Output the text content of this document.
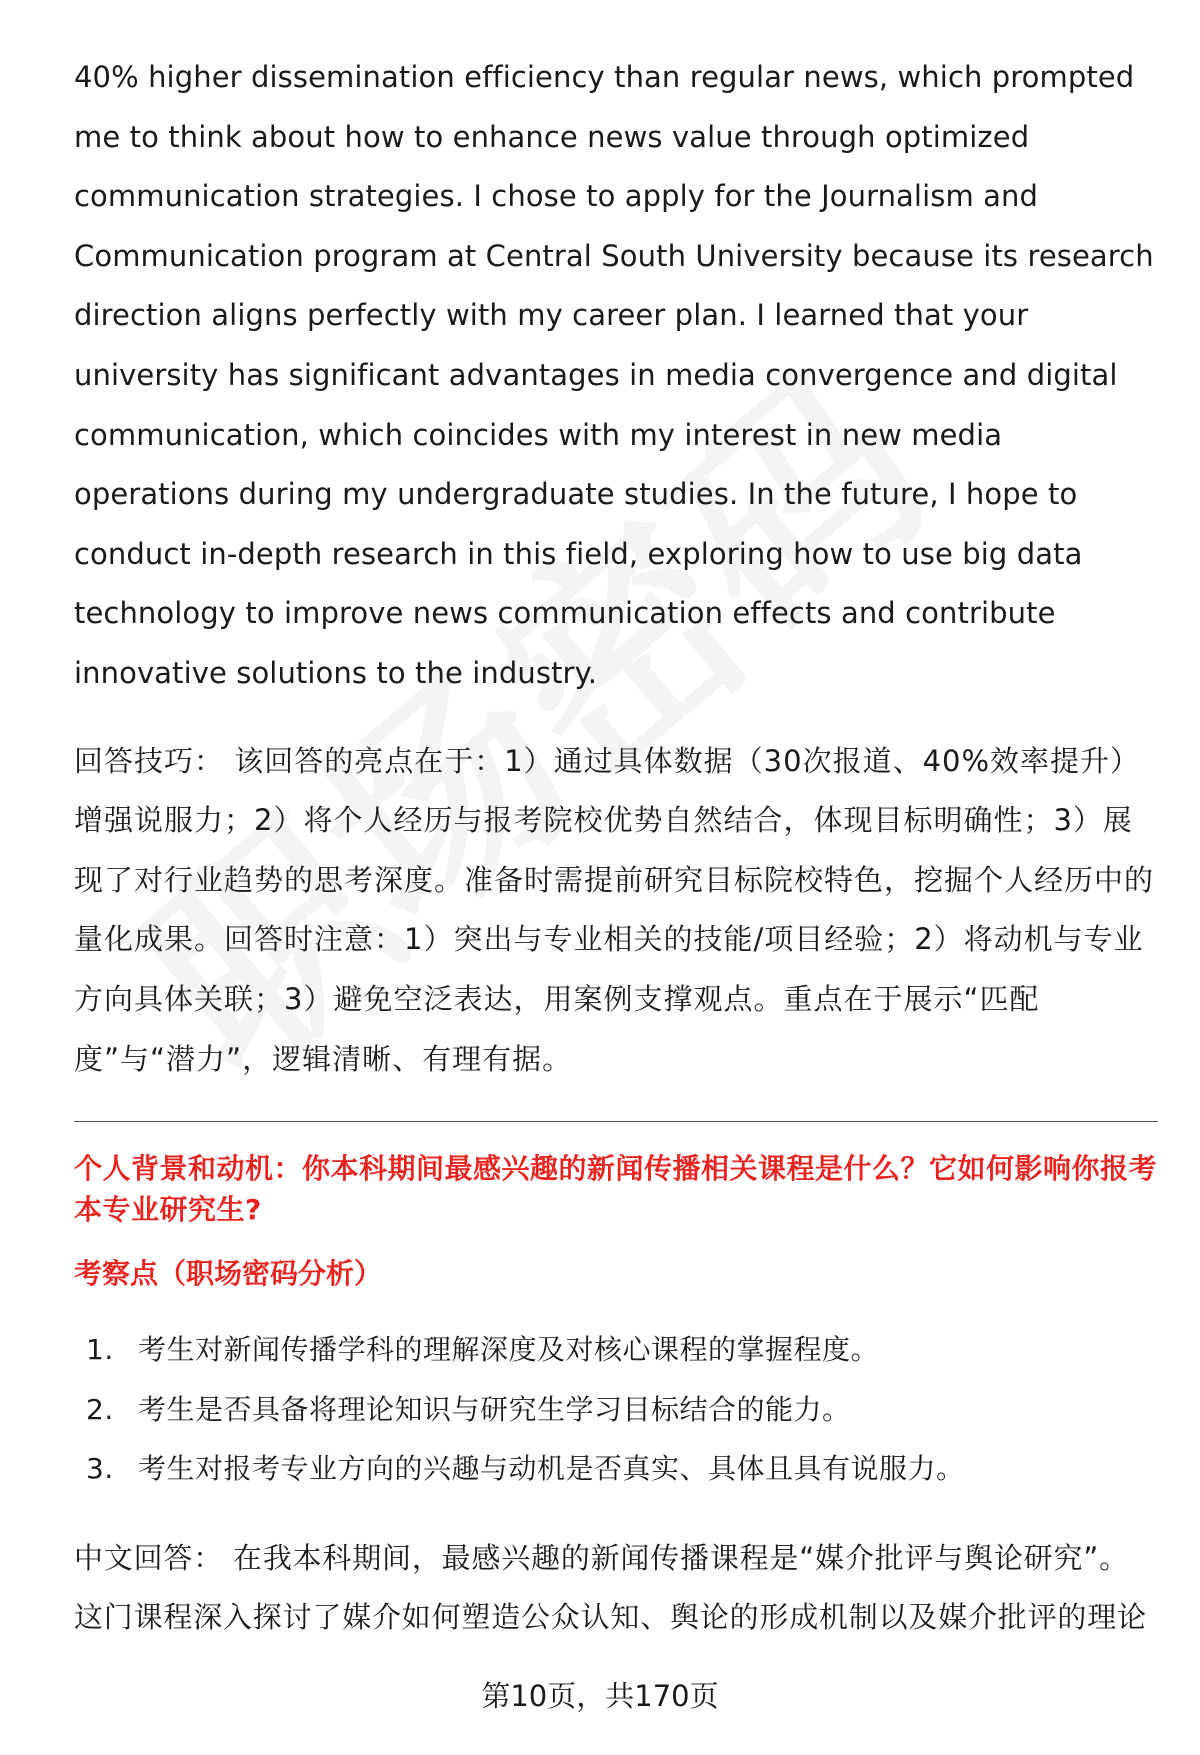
40% higher dissemination efficiency than regular news, which prompted me to think about how to enhance news value through optimized communication strategies. I chose to apply for the Journalism and Communication program at Central South University because its research direction aligns perfectly with my career plan. I learned that your university has significant advantages in media convergence and digital communication, which coincides with my interest in new media operations during my undergraduate studies. In the future, I hope to conduct in-depth research in this field, exploring how to use big data technology to improve news communication effects and contribute innovative solutions to the industry.

回答技巧： 该回答的亮点在于：1）通过具体数据（30次报道、40%效率提升）增强说服力；2）将个人经历与报考院校优势自然结合，体现目标明确性；3）展现了对行业趋势的思考深度。准备时需提前研究目标院校特色，挖掘个人经历中的量化成果。回答时注意：1）突出与专业相关的技能/项目经验；2）将动机与专业方向具体关联；3）避免空泛表达，用案例支撑观点。重点在于展示“匹配度”与“潜力”，逻辑清晰、有理有据。

个人背景和动机：你本科期间最感兴趣的新闻传播相关课程是什么？它如何影响你报考本专业研究生?
考察点（职场密码分析）
1. 考生对新闻传播学科的理解深度及对核心课程的掌握程度。
2. 考生是否具备将理论知识与研究生学习目标结合的能力。
3. 考生对报考专业方向的兴趣与动机是否真实、具体且具有说服力。

中文回答： 在我本科期间，最感兴趣的新闻传播课程是“媒介批评与舆论研究”。这门课程深入探讨了媒介如何塑造公众认知、舆论的形成机制以及媒介批评的理论

第10页，共170页
